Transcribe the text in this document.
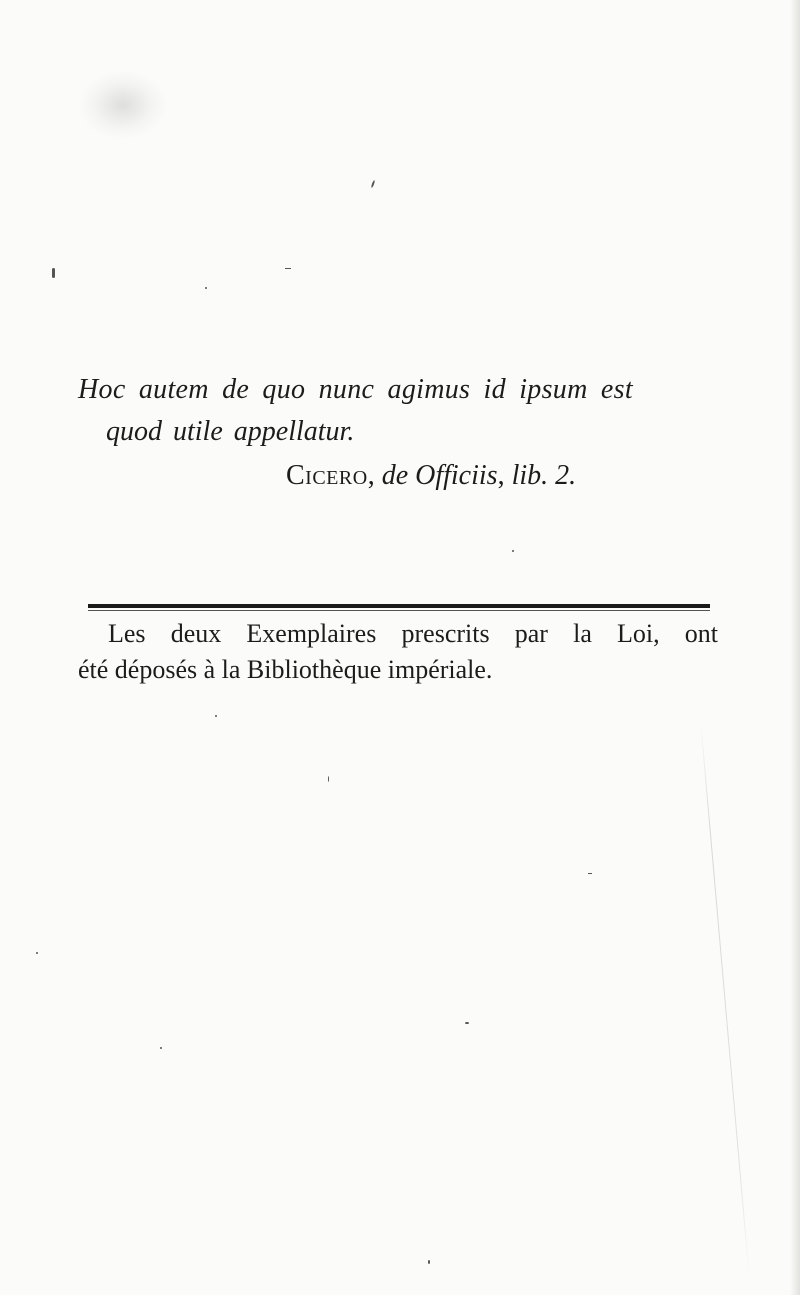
Hoc autem de quo nunc agimus id ipsum est
quod utile appellatur.
Cicero, de Officiis, lib. 2.
Les deux Exemplaires prescrits par la Loi, ont
été déposés à la Bibliothèque impériale.
